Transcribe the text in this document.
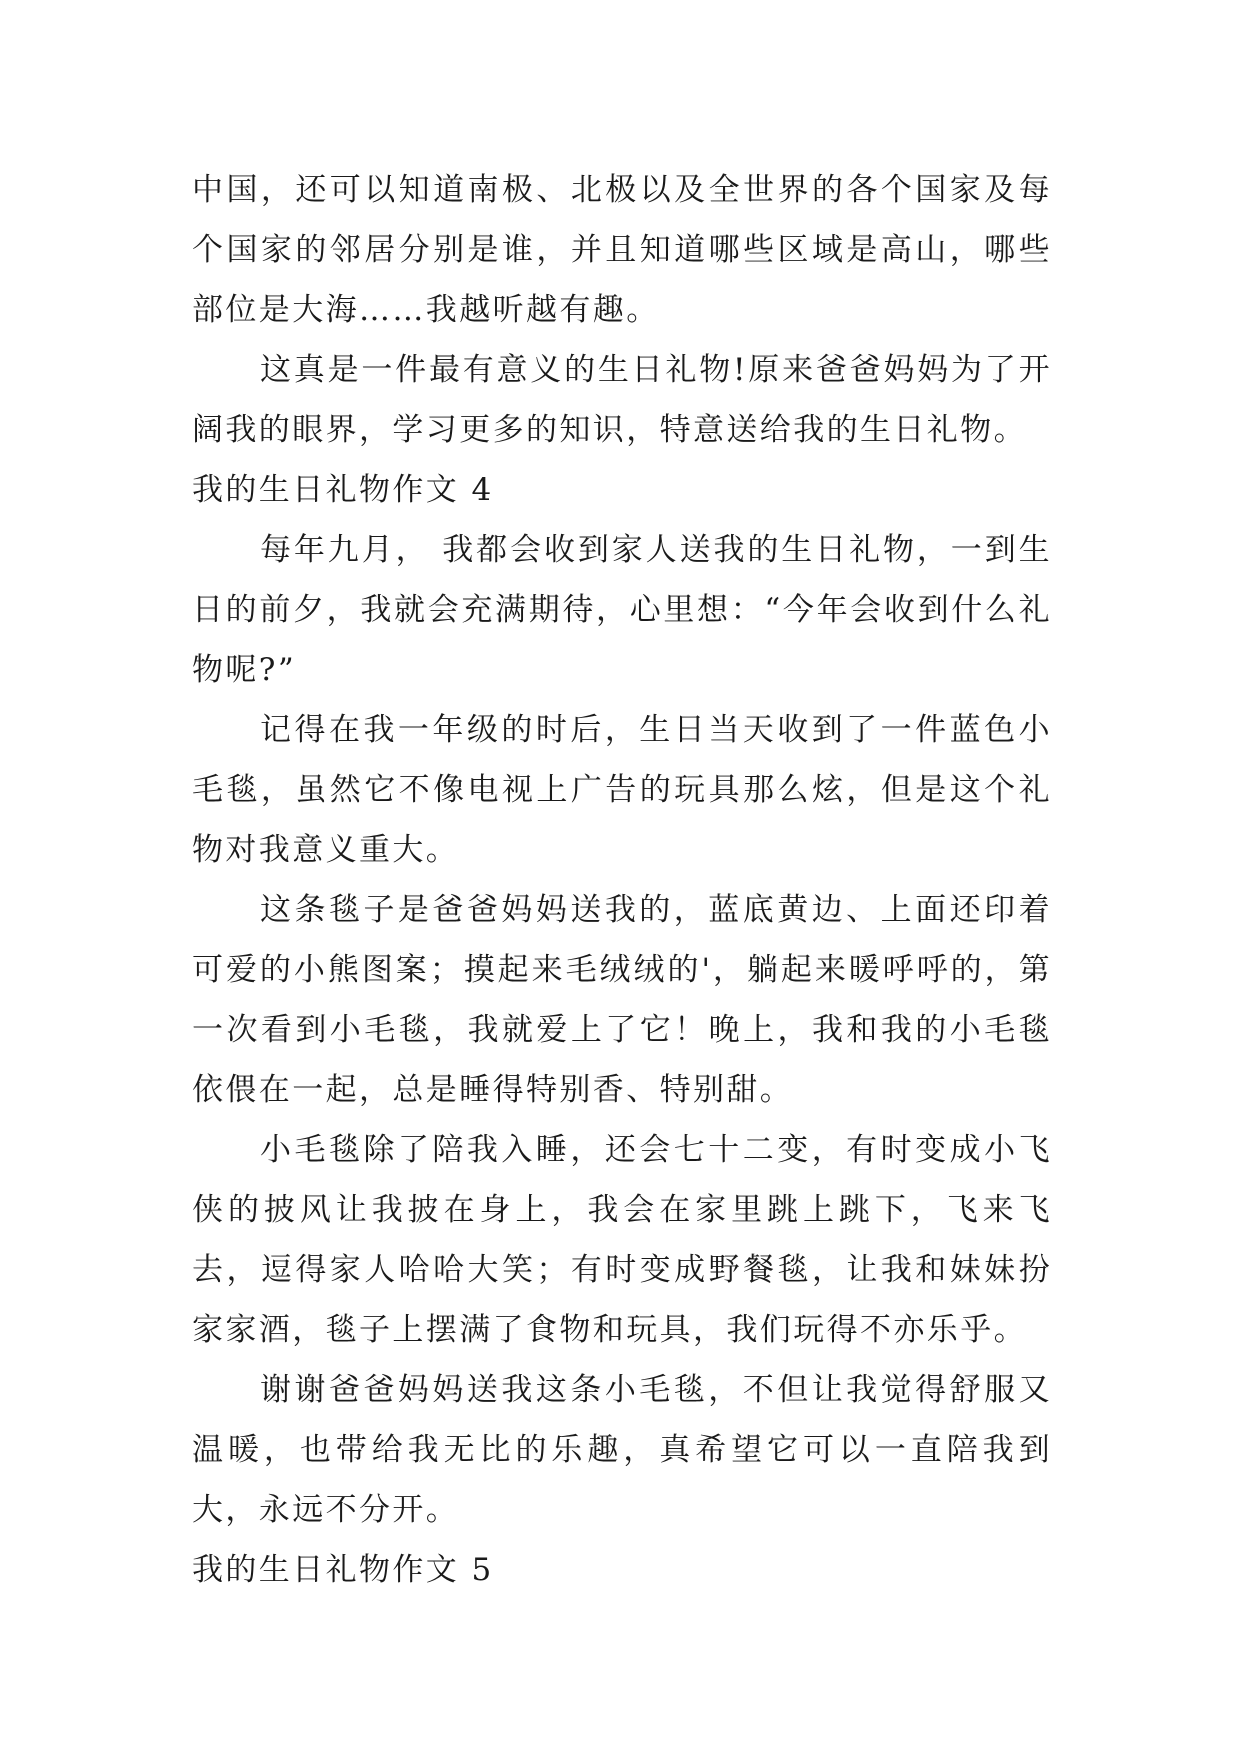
中国，还可以知道南极、北极以及全世界的各个国家及每个国家的邻居分别是谁，并且知道哪些区域是高山，哪些部位是大海……我越听越有趣。

这真是一件最有意义的生日礼物!原来爸爸妈妈为了开阔我的眼界，学习更多的知识，特意送给我的生日礼物。

我的生日礼物作文 4

每年九月， 我都会收到家人送我的生日礼物，一到生日的前夕，我就会充满期待，心里想：“今年会收到什么礼物呢?”

记得在我一年级的时后，生日当天收到了一件蓝色小毛毯，虽然它不像电视上广告的玩具那么炫，但是这个礼物对我意义重大。

这条毯子是爸爸妈妈送我的，蓝底黄边、上面还印着可爱的小熊图案；摸起来毛绒绒的'，躺起来暖呼呼的，第一次看到小毛毯，我就爱上了它！晚上，我和我的小毛毯依偎在一起，总是睡得特别香、特别甜。

小毛毯除了陪我入睡，还会七十二变，有时变成小飞侠的披风让我披在身上，我会在家里跳上跳下，飞来飞去，逗得家人哈哈大笑；有时变成野餐毯，让我和妹妹扮家家酒，毯子上摆满了食物和玩具，我们玩得不亦乐乎。

谢谢爸爸妈妈送我这条小毛毯，不但让我觉得舒服又温暖，也带给我无比的乐趣，真希望它可以一直陪我到大，永远不分开。

我的生日礼物作文 5
